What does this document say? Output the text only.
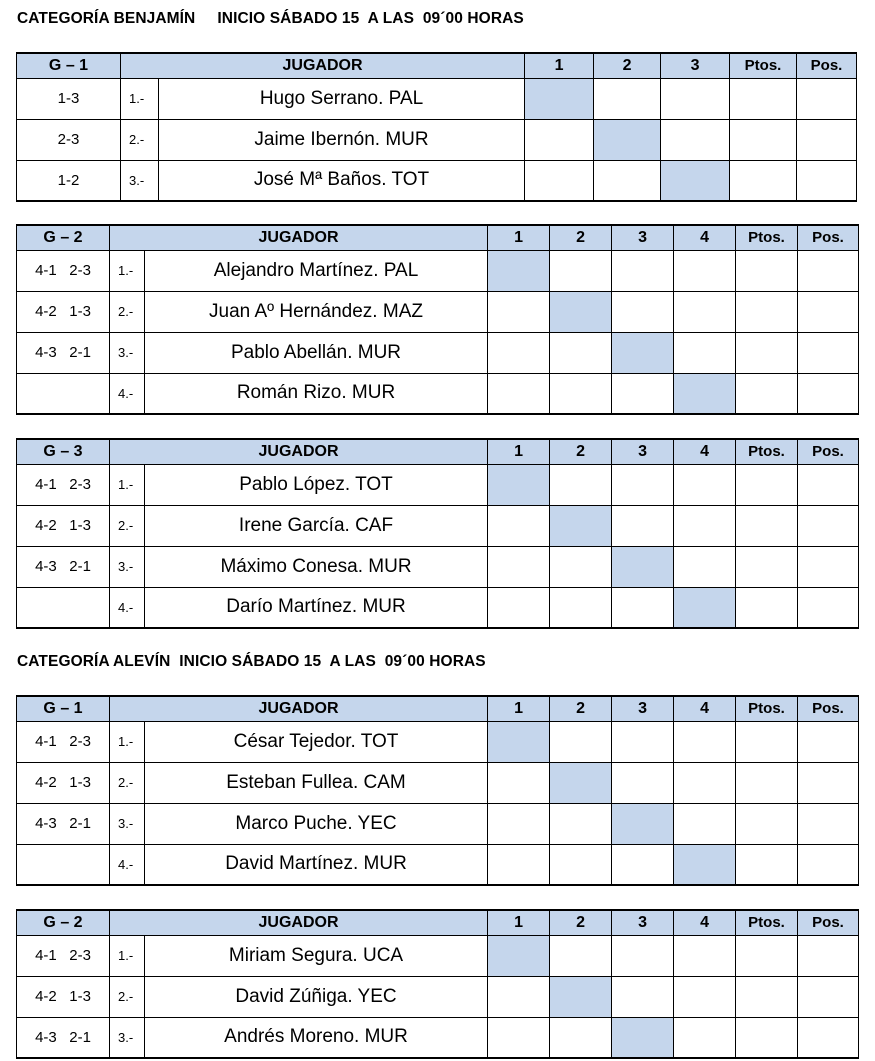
CATEGORÍA BENJAMÍN     INICIO SÁBADO 15  A LAS  09´00 HORAS
CATEGORÍA ALEVÍN  INICIO SÁBADO 15  A LAS  09´00 HORAS
G – 1	JUGADOR		1	2	3	Ptos.	Pos.
1-3	1.-	Hugo Serrano. PAL					
2-3	2.-	Jaime Ibernón. MUR					
1-2	3.-	José Mª Baños. TOT					
G – 2	JUGADOR		1	2	3	4	Ptos.	Pos.
4-1   2-3	1.-	Alejandro Martínez. PAL						
4-2   1-3	2.-	Juan Aº Hernández. MAZ						
4-3   2-1	3.-	Pablo Abellán. MUR						
	4.-	Román Rizo. MUR						
G – 3	JUGADOR		1	2	3	4	Ptos.	Pos.
4-1   2-3	1.-	Pablo López. TOT						
4-2   1-3	2.-	Irene García. CAF						
4-3   2-1	3.-	Máximo Conesa. MUR						
	4.-	Darío Martínez. MUR						
G – 1	JUGADOR		1	2	3	4	Ptos.	Pos.
4-1   2-3	1.-	César Tejedor. TOT						
4-2   1-3	2.-	Esteban Fullea. CAM						
4-3   2-1	3.-	Marco Puche. YEC						
	4.-	David Martínez. MUR						
G – 2	JUGADOR		1	2	3	4	Ptos.	Pos.
4-1   2-3	1.-	Miriam Segura. UCA						
4-2   1-3	2.-	David Zúñiga. YEC						
4-3   2-1	3.-	Andrés Moreno. MUR						
